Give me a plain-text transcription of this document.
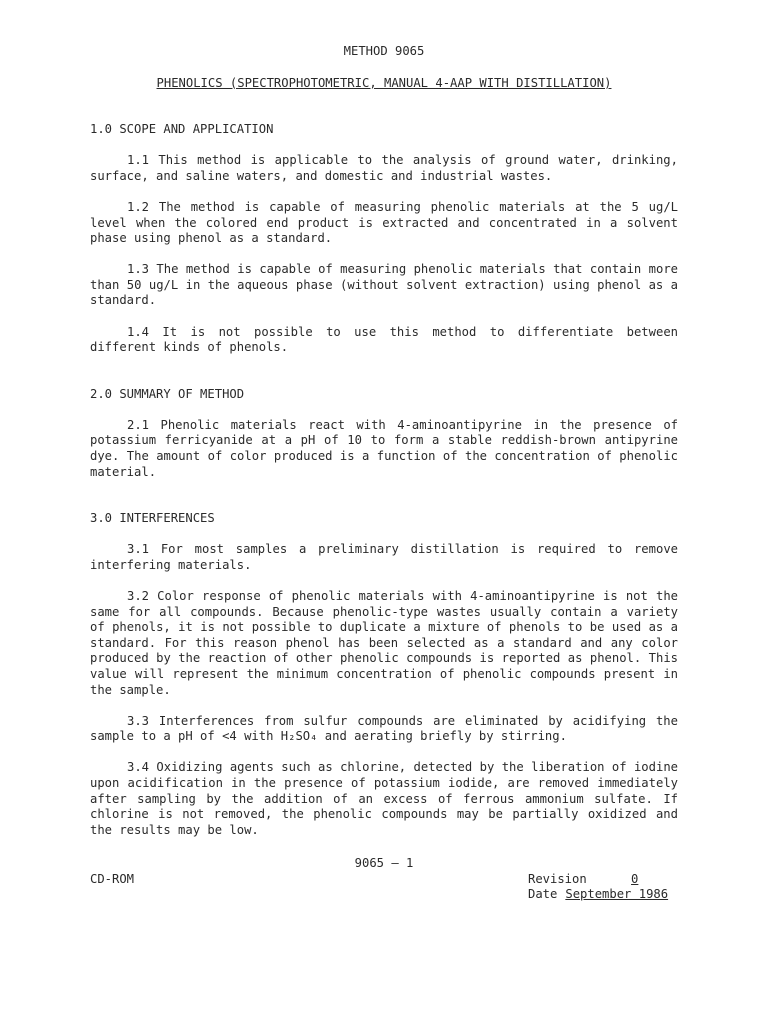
METHOD 9065
PHENOLICS (SPECTROPHOTOMETRIC, MANUAL 4-AAP WITH DISTILLATION)
1.0 SCOPE AND APPLICATION
1.1 This method is applicable to the analysis of ground water, drinking, surface, and saline waters, and domestic and industrial wastes.
1.2 The method is capable of measuring phenolic materials at the 5 ug/L level when the colored end product is extracted and concentrated in a solvent phase using phenol as a standard.
1.3 The method is capable of measuring phenolic materials that contain more than 50 ug/L in the aqueous phase (without solvent extraction) using phenol as a standard.
1.4 It is not possible to use this method to differentiate between different kinds of phenols.
2.0 SUMMARY OF METHOD
2.1 Phenolic materials react with 4-aminoantipyrine in the presence of potassium ferricyanide at a pH of 10 to form a stable reddish-brown antipyrine dye. The amount of color produced is a function of the concentration of phenolic material.
3.0 INTERFERENCES
3.1 For most samples a preliminary distillation is required to remove interfering materials.
3.2 Color response of phenolic materials with 4-aminoantipyrine is not the same for all compounds. Because phenolic-type wastes usually contain a variety of phenols, it is not possible to duplicate a mixture of phenols to be used as a standard. For this reason phenol has been selected as a standard and any color produced by the reaction of other phenolic compounds is reported as phenol. This value will represent the minimum concentration of phenolic compounds present in the sample.
3.3 Interferences from sulfur compounds are eliminated by acidifying the sample to a pH of <4 with H₂SO₄ and aerating briefly by stirring.
3.4 Oxidizing agents such as chlorine, detected by the liberation of iodine upon acidification in the presence of potassium iodide, are removed immediately after sampling by the addition of an excess of ferrous ammonium sulfate. If chlorine is not removed, the phenolic compounds may be partially oxidized and the results may be low.
9065 — 1
CD-ROM	Revision	0
Date September 1986
